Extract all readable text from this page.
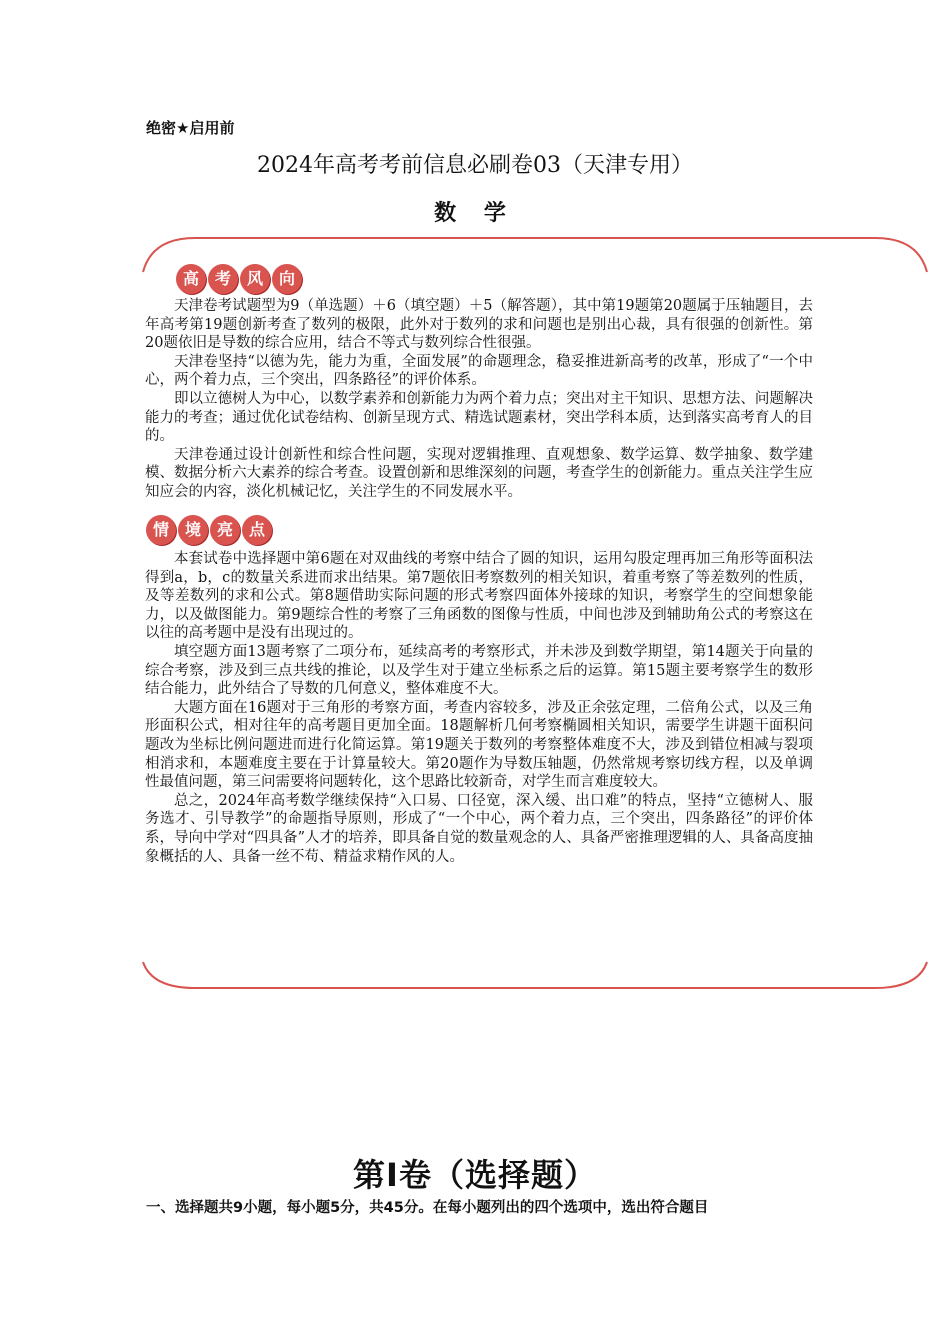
绝密★启用前
2024年高考考前信息必刷卷03（天津专用）
数 学
高 考 风 向

天津卷考试题型为9（单选题）＋6（填空题）＋5（解答题），其中第19题第20题属于压轴题目，去年高考第19题创新考查了数列的极限，此外对于数列的求和问题也是别出心裁，具有很强的创新性。第20题依旧是导数的综合应用，结合不等式与数列综合性很强。

天津卷坚持“以德为先，能力为重，全面发展”的命题理念，稳妥推进新高考的改革，形成了“一个中心，两个着力点，三个突出，四条路径”的评价体系。

即以立德树人为中心，以数学素养和创新能力为两个着力点；突出对主干知识、思想方法、问题解决能力的考查；通过优化试卷结构、创新呈现方式、精选试题素材，突出学科本质，达到落实高考育人的目的。

天津卷通过设计创新性和综合性问题，实现对逻辑推理、直观想象、数学运算、数学抽象、数学建模、数据分析六大素养的综合考查。设置创新和思维深刻的问题，考查学生的创新能力。重点关注学生应知应会的内容，淡化机械记忆，关注学生的不同发展水平。

情 境 亮 点

本套试卷中选择题中第6题在对双曲线的考察中结合了圆的知识，运用勾股定理再加三角形等面积法得到a，b，c的数量关系进而求出结果。第7题依旧考察数列的相关知识，着重考察了等差数列的性质，及等差数列的求和公式。第8题借助实际问题的形式考察四面体外接球的知识，考察学生的空间想象能力，以及做图能力。第9题综合性的考察了三角函数的图像与性质，中间也涉及到辅助角公式的考察这在以往的高考题中是没有出现过的。

填空题方面13题考察了二项分布，延续高考的考察形式，并未涉及到数学期望，第14题关于向量的综合考察，涉及到三点共线的推论，以及学生对于建立坐标系之后的运算。第15题主要考察学生的数形结合能力，此外结合了导数的几何意义，整体难度不大。

大题方面在16题对于三角形的考察方面，考查内容较多，涉及正余弦定理，二倍角公式，以及三角形面积公式，相对往年的高考题目更加全面。18题解析几何考察椭圆相关知识，需要学生讲题干面积问题改为坐标比例问题进而进行化简运算。第19题关于数列的考察整体难度不大，涉及到错位相减与裂项相消求和，本题难度主要在于计算量较大。第20题作为导数压轴题，仍然常规考察切线方程，以及单调性最值问题，第三问需要将问题转化，这个思路比较新奇，对学生而言难度较大。

总之，2024年高考数学继续保持“入口易、口径宽，深入缓、出口难”的特点，坚持“立德树人、服务选才、引导教学”的命题指导原则，形成了“一个中心，两个着力点，三个突出，四条路径”的评价体系，导向中学对“四具备”人才的培养，即具备自觉的数量观念的人、具备严密推理逻辑的人、具备高度抽象概括的人、具备一丝不苟、精益求精作风的人。

第Ⅰ卷（选择题）
一、选择题共9小题，每小题5分，共45分。在每小题列出的四个选项中，选出符合题目
